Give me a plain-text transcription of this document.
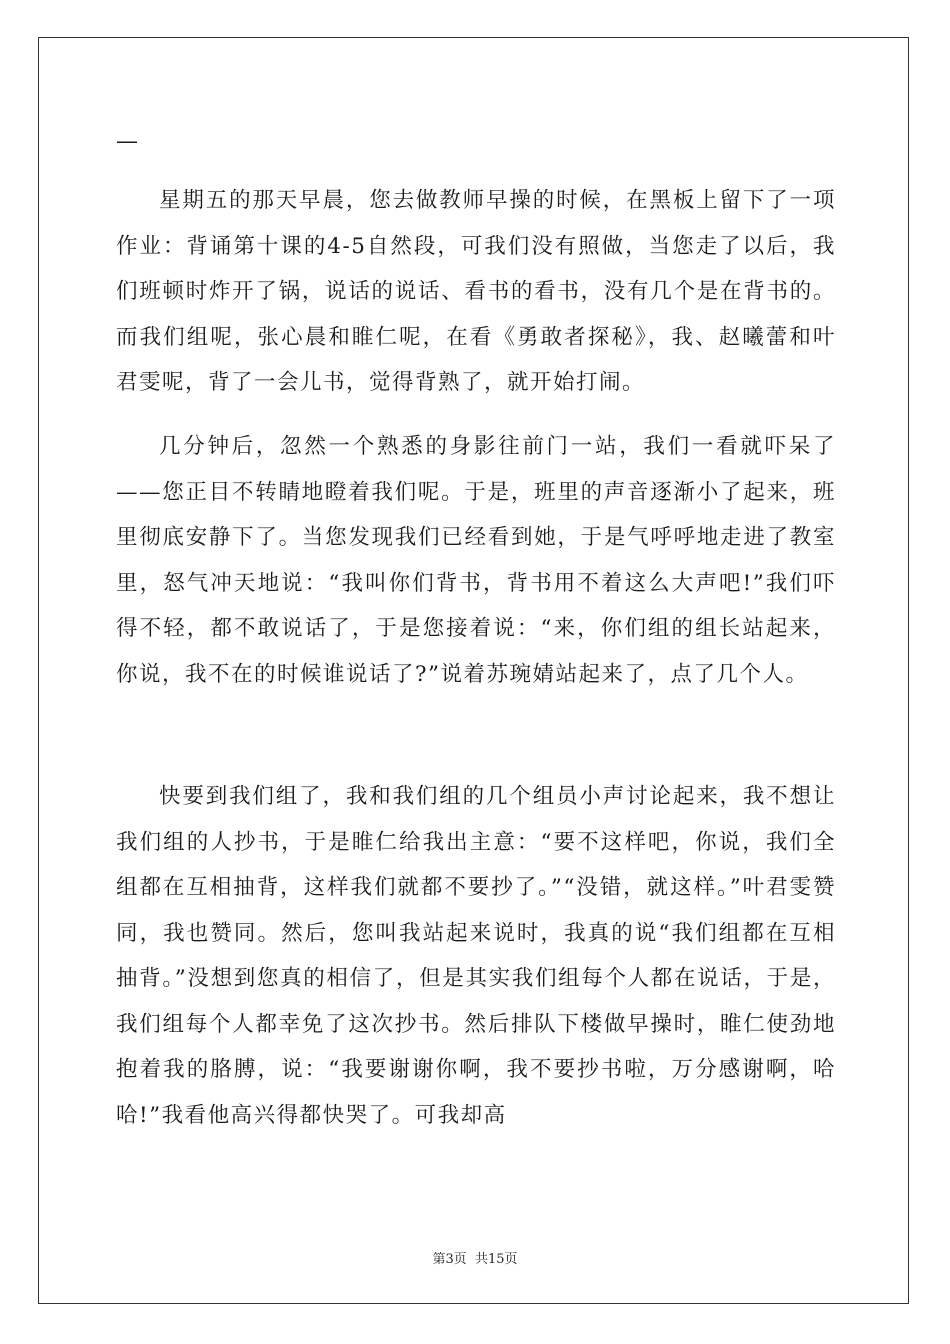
—

星期五的那天早晨，您去做教师早操的时候，在黑板上留下了一项作业：背诵第十课的4-5自然段，可我们没有照做，当您走了以后，我们班顿时炸开了锅，说话的说话、看书的看书，没有几个是在背书的。而我们组呢，张心晨和睢仁呢，在看《勇敢者探秘》，我、赵曦蕾和叶君雯呢，背了一会儿书，觉得背熟了，就开始打闹。

几分钟后，忽然一个熟悉的身影往前门一站，我们一看就吓呆了——您正目不转睛地瞪着我们呢。于是，班里的声音逐渐小了起来，班里彻底安静下了。当您发现我们已经看到她，于是气呼呼地走进了教室里，怒气冲天地说：“我叫你们背书，背书用不着这么大声吧!”我们吓得不轻，都不敢说话了，于是您接着说：“来，你们组的组长站起来，你说，我不在的时候谁说话了?”说着苏琬婧站起来了，点了几个人。

快要到我们组了，我和我们组的几个组员小声讨论起来，我不想让我们组的人抄书，于是睢仁给我出主意：“要不这样吧，你说，我们全组都在互相抽背，这样我们就都不要抄了。”“没错，就这样。”叶君雯赞同，我也赞同。然后，您叫我站起来说时，我真的说“我们组都在互相抽背。”没想到您真的相信了，但是其实我们组每个人都在说话，于是，我们组每个人都幸免了这次抄书。然后排队下楼做早操时，睢仁使劲地抱着我的胳膊，说：“我要谢谢你啊，我不要抄书啦，万分感谢啊，哈哈!”我看他高兴得都快哭了。可我却高

第3页 共15页
